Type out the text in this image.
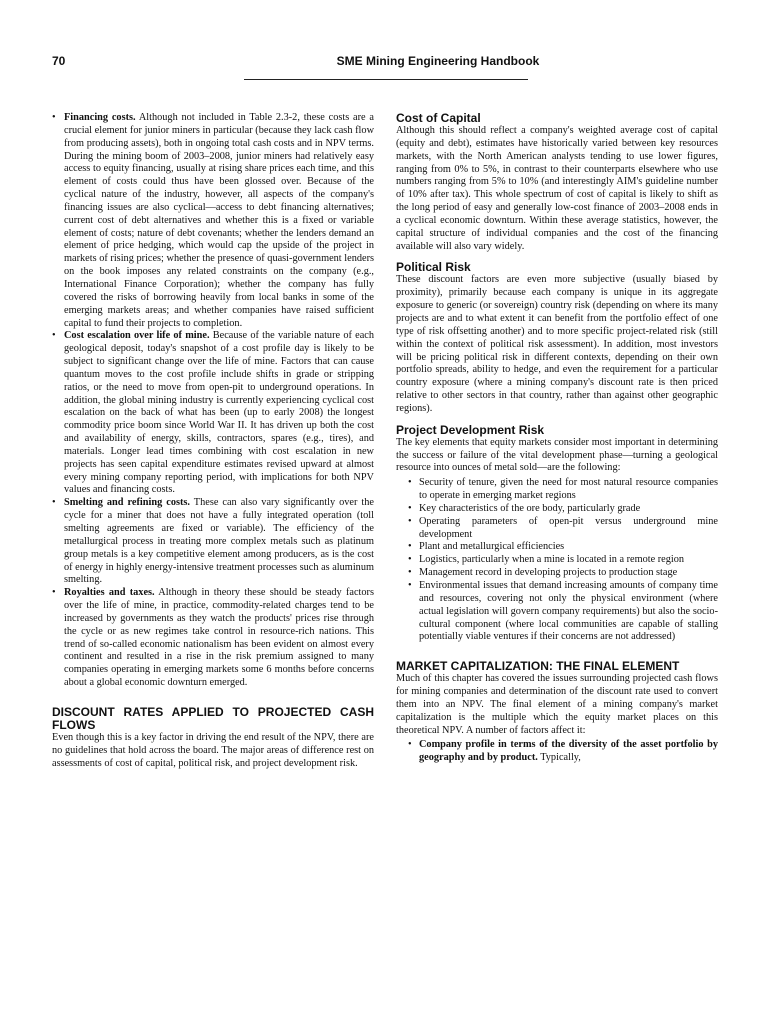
70	SME Mining Engineering Handbook
• Financing costs. Although not included in Table 2.3-2, these costs are a crucial element for junior miners in particular (because they lack cash flow from producing assets), both in ongoing total cash costs and in NPV terms. During the mining boom of 2003–2008, junior miners had relatively easy access to equity financing, usually at rising share prices each time, and this element of costs could thus have been glossed over. Because of the cyclical nature of the industry, however, all aspects of the company's financing issues are also cyclical—access to debt financing alternatives; current cost of debt alternatives and whether this is a fixed or variable element of costs; nature of debt covenants; whether the lenders demand an element of price hedging, which would cap the upside of the project in markets of rising prices; whether the presence of quasi-government lenders on the book imposes any related constraints on the company (e.g., International Finance Corporation); whether the company has fully covered the risks of borrowing heavily from local banks in some of the emerging markets areas; and whether companies have raised sufficient capital to fund their projects to completion.
• Cost escalation over life of mine. Because of the variable nature of each geological deposit, today's snapshot of a cost profile day is likely to be subject to significant change over the life of mine. Factors that can cause quantum moves to the cost profile include shifts in grade or stripping ratios, or the need to move from open-pit to underground operations. In addition, the global mining industry is currently experiencing cyclical cost escalation on the back of what has been (up to early 2008) the longest commodity price boom since World War II. It has driven up both the cost and availability of energy, skills, contractors, spares (e.g., tires), and materials. Longer lead times combining with cost escalation in new projects has seen capital expenditure estimates revised upward at almost every mining company reporting period, with implications for both NPV values and financing costs.
• Smelting and refining costs. These can also vary significantly over the cycle for a miner that does not have a fully integrated operation (toll smelting agreements are fixed or variable). The efficiency of the metallurgical process in treating more complex metals such as platinum group metals is a key competitive element among producers, as is the cost of energy in highly energy-intensive treatment processes such as aluminum smelting.
• Royalties and taxes. Although in theory these should be steady factors over the life of mine, in practice, commodity-related charges tend to be increased by governments as they watch the products' prices rise through the cycle or as new regimes take control in resource-rich nations. This trend of so-called economic nationalism has been evident on almost every continent and resulted in a rise in the risk premium assigned to many companies operating in emerging markets some 6 months before concerns about a global economic downturn emerged.
DISCOUNT RATES APPLIED TO PROJECTED CASH FLOWS

Even though this is a key factor in driving the end result of the NPV, there are no guidelines that hold across the board. The major areas of difference rest on assessments of cost of capital, political risk, and project development risk.

Cost of Capital

Although this should reflect a company's weighted average cost of capital (equity and debt), estimates have historically varied between key resources markets, with the North American analysts tending to use lower figures, ranging from 0% to 5%, in contrast to their counterparts elsewhere who use numbers ranging from 5% to 10% (and interestingly AIM's guideline number of 10% after tax). This whole spectrum of cost of capital is likely to shift as the long period of easy and generally low-cost finance of 2003–2008 ends in a cyclical economic downturn. Within these average statistics, however, the capital structure of individual companies and the cost of the financing available will also vary widely.

Political Risk

These discount factors are even more subjective (usually biased by proximity), primarily because each company is unique in its aggregate exposure to generic (or sovereign) country risk (depending on where its many projects are and to what extent it can benefit from the portfolio effect of one type of risk offsetting another) and to more specific project-related risk (still within the context of political risk assessment). In addition, most investors will be pricing political risk in different contexts, depending on their own portfolio spreads, ability to hedge, and even the requirement for a particular country exposure (where a mining company's discount rate is then priced relative to other sectors in that country, rather than against other geographic regions).

Project Development Risk

The key elements that equity markets consider most important in determining the success or failure of the vital development phase—turning a geological resource into ounces of metal sold—are the following:

• Security of tenure, given the need for most natural resource companies to operate in emerging market regions
• Key characteristics of the ore body, particularly grade
• Operating parameters of open-pit versus underground mine development
• Plant and metallurgical efficiencies
• Logistics, particularly when a mine is located in a remote region
• Management record in developing projects to production stage
• Environmental issues that demand increasing amounts of company time and resources, covering not only the physical environment (where actual legislation will govern company requirements) but also the socio-cultural component (where local communities are capable of stalling potentially viable ventures if their concerns are not addressed)
MARKET CAPITALIZATION: THE FINAL ELEMENT

Much of this chapter has covered the issues surrounding projected cash flows for mining companies and determination of the discount rate used to convert them into an NPV. The final element of a mining company's market capitalization is the multiple which the equity market places on this theoretical NPV. A number of factors affect it:

• Company profile in terms of the diversity of the asset portfolio by geography and by product. Typically,
